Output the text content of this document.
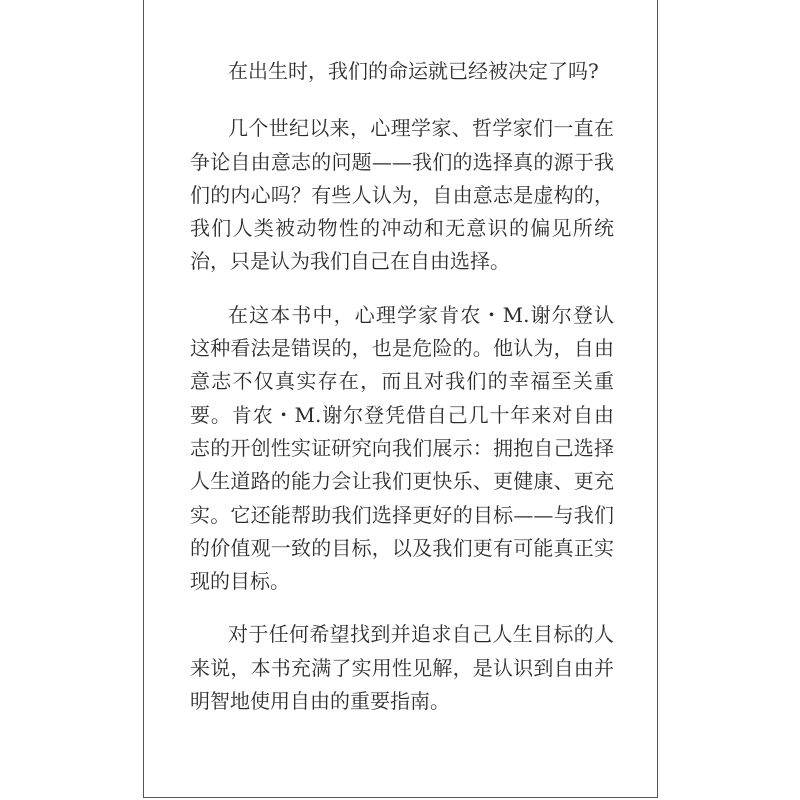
在出生时，我们的命运就已经被决定了吗?
几个世纪以来，心理学家、哲学家们一直在
争论自由意志的问题——我们的选择真的源于我
们的内心吗？有些人认为，自由意志是虚构的，
我们人类被动物性的冲动和无意识的偏见所统
治，只是认为我们自己在自由选择。
在这本书中，心理学家肯农・M.谢尔登认
这种看法是错误的，也是危险的。他认为，自由
意志不仅真实存在，而且对我们的幸福至关重
要。肯农・M.谢尔登凭借自己几十年来对自由
志的开创性实证研究向我们展示：拥抱自己选择
人生道路的能力会让我们更快乐、更健康、更充
实。它还能帮助我们选择更好的目标——与我们
的价值观一致的目标，以及我们更有可能真正实
现的目标。
对于任何希望找到并追求自己人生目标的人
来说，本书充满了实用性见解，是认识到自由并
明智地使用自由的重要指南。
